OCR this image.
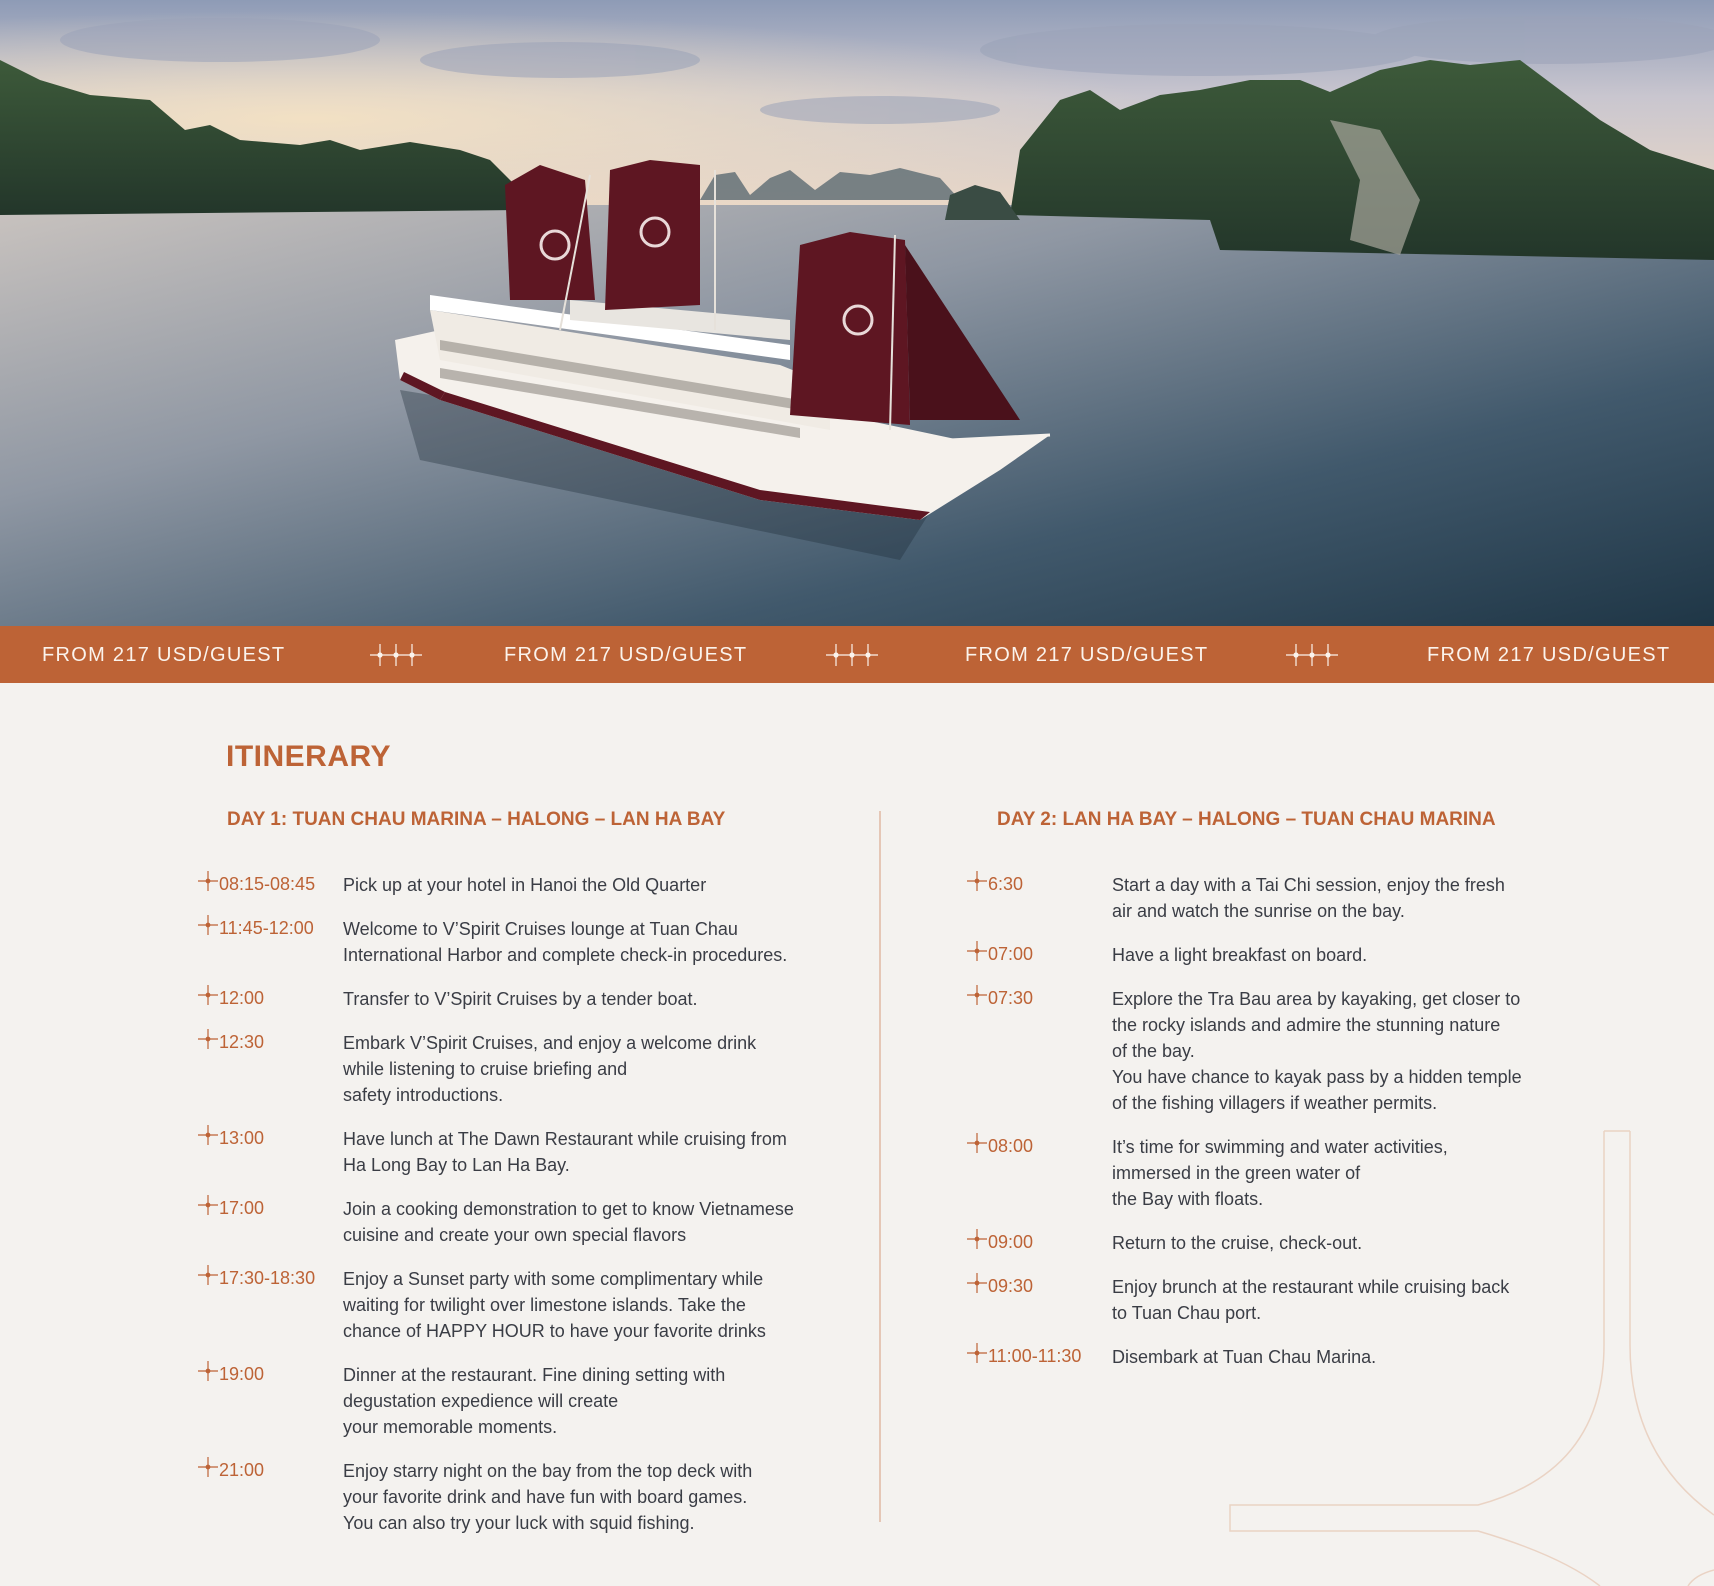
FROM 217 USD/GUEST	FROM 217 USD/GUEST	FROM 217 USD/GUEST	FROM 217 USD/GUEST
ITINERARY
DAY 1: TUAN CHAU MARINA – HALONG – LAN HA BAY	DAY 2: LAN HA BAY – HALONG – TUAN CHAU MARINA
08:15-08:45 Pick up at your hotel in Hanoi the Old Quarter
11:45-12:00 Welcome to V’Spirit Cruises lounge at Tuan Chau
International Harbor and complete check-in procedures.
12:00	Transfer to V’Spirit Cruises by a tender boat.
12:30	Embark V’Spirit Cruises, and enjoy a welcome drink
while listening to cruise briefing and
safety introductions.
13:00	Have lunch at The Dawn Restaurant while cruising from
Ha Long Bay to Lan Ha Bay.
17:00	Join a cooking demonstration to get to know Vietnamese
cuisine and create your own special flavors
17:30-18:30 Enjoy a Sunset party with some complimentary while
waiting for twilight over limestone islands. Take the
chance of HAPPY HOUR to have your favorite drinks
19:00	Dinner at the restaurant. Fine dining setting with
degustation expedience will create
your memorable moments.
21:00	Enjoy starry night on the bay from the top deck with
your favorite drink and have fun with board games.
You can also try your luck with squid fishing.
6:30	Start a day with a Tai Chi session, enjoy the fresh
air and watch the sunrise on the bay.
07:00	Have a light breakfast on board.
07:30	Explore the Tra Bau area by kayaking, get closer to
the rocky islands and admire the stunning nature
of the bay.
You have chance to kayak pass by a hidden temple
of the fishing villagers if weather permits.
08:00	It’s time for swimming and water activities,
immersed in the green water of
the Bay with floats.
09:00	Return to the cruise, check-out.
09:30	Enjoy brunch at the restaurant while cruising back
to Tuan Chau port.
11:00-11:30 Disembark at Tuan Chau Marina.
